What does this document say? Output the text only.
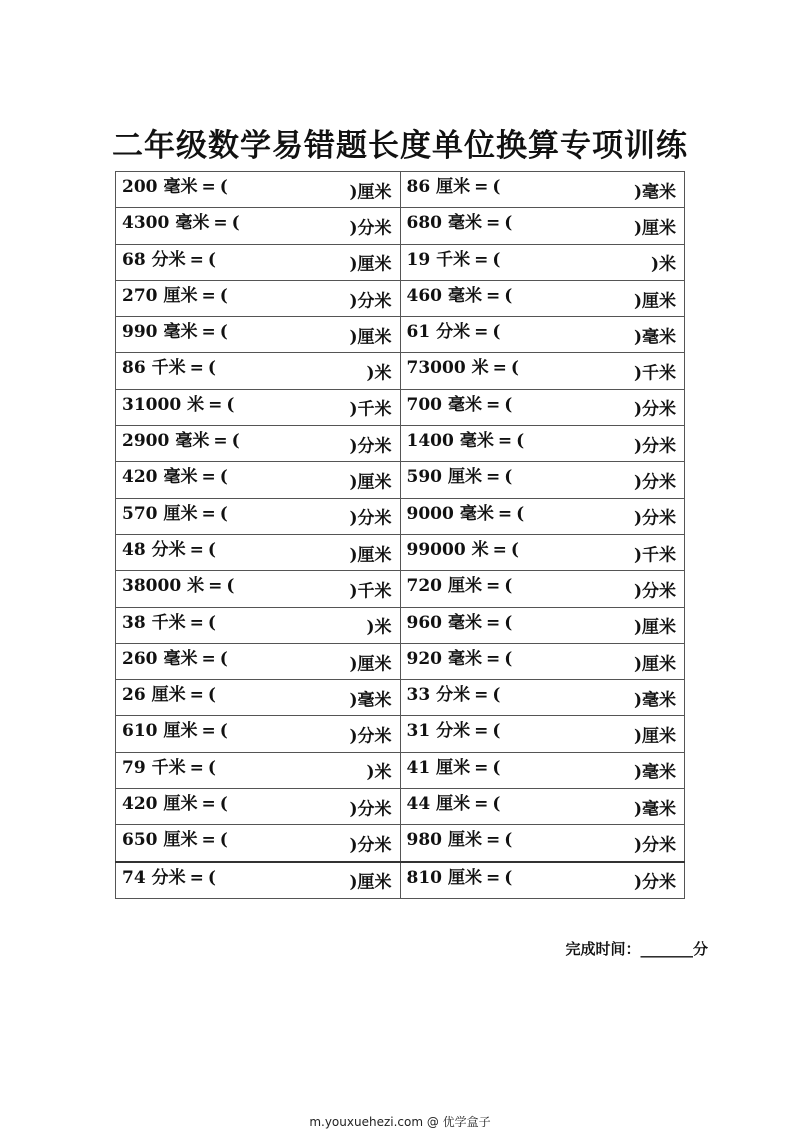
二年级数学易错题长度单位换算专项训练
200 毫米 = ( )厘米	86 厘米 = ( )毫米

4300 毫米 = ( )分米	680 毫米 = ( )厘米

68 分米 = ( )厘米	19 千米 = ( )米

270 厘米 = ( )分米	460 毫米 = ( )厘米

990 毫米 = ( )厘米	61 分米 = ( )毫米

86 千米 = ( )米	73000 米 = ( )千米

31000 米 = ( )千米	700 毫米 = ( )分米

2900 毫米 = ( )分米	1400 毫米 = ( )分米

420 毫米 = ( )厘米	590 厘米 = ( )分米

570 厘米 = ( )分米	9000 毫米 = ( )分米

48 分米 = ( )厘米	99000 米 = ( )千米

38000 米 = ( )千米	720 厘米 = ( )分米

38 千米 = ( )米	960 毫米 = ( )厘米

260 毫米 = ( )厘米	920 毫米 = ( )厘米

26 厘米 = ( )毫米	33 分米 = ( )毫米

610 厘米 = ( )分米	31 分米 = ( )厘米

79 千米 = ( )米	41 厘米 = ( )毫米

420 厘米 = ( )分米	44 厘米 = ( )毫米

650 厘米 = ( )分米	980 厘米 = ( )分米

74 分米 = ( )厘米	810 厘米 = ( )分米
完成时间：_______分
m.youxuehezi.com @ 优学盒子
